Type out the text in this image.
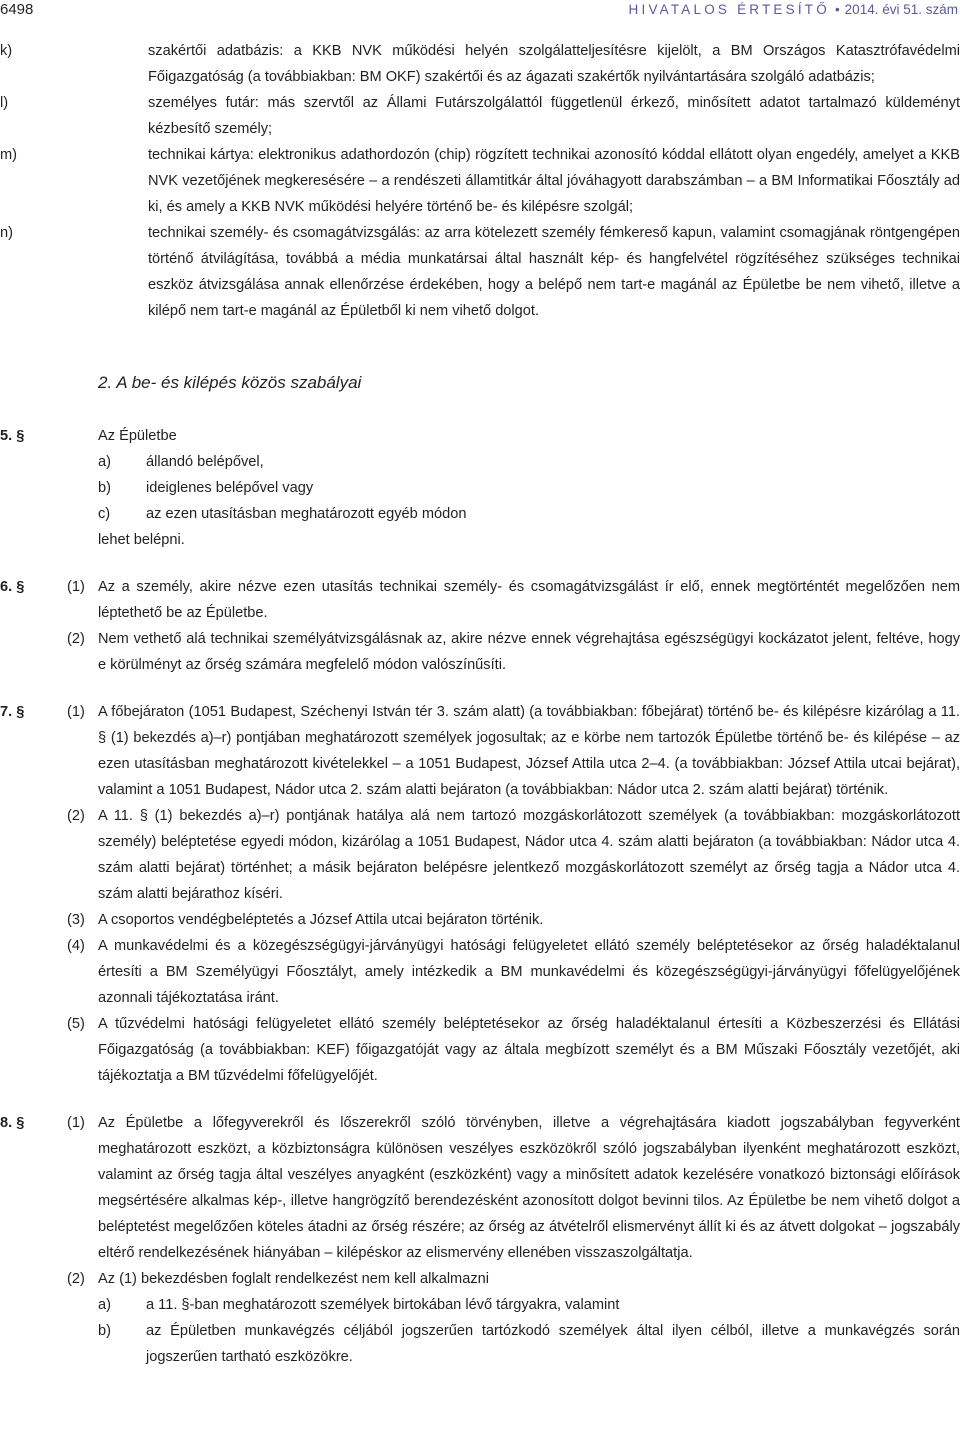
6498	HIVATALOS ÉRTESÍTŐ • 2014. évi 51. szám
k)	szakértői adatbázis: a KKB NVK működési helyén szolgálatteljesítésre kijelölt, a BM Országos Katasztrófavédelmi Főigazgatóság (a továbbiakban: BM OKF) szakértői és az ágazati szakértők nyilvántartására szolgáló adatbázis;
l)	személyes futár: más szervtől az Állami Futárszolgálattól függetlenül érkező, minősített adatot tartalmazó küldeményt kézbesítő személy;
m)	technikai kártya: elektronikus adathordozón (chip) rögzített technikai azonosító kóddal ellátott olyan engedély, amelyet a KKB NVK vezetőjének megkeresésére – a rendészeti államtitkár által jóváhagyott darabszámban – a BM Informatikai Főosztály ad ki, és amely a KKB NVK működési helyére történő be- és kilépésre szolgál;
n)	technikai személy- és csomagátvizsgálás: az arra kötelezett személy fémkereső kapun, valamint csomagjának röntgengépen történő átvilágítása, továbbá a média munkatársai által használt kép- és hangfelvétel rögzítéséhez szükséges technikai eszköz átvizsgálása annak ellenőrzése érdekében, hogy a belépő nem tart-e magánál az Épületbe be nem vihető, illetve a kilépő nem tart-e magánál az Épületből ki nem vihető dolgot.
2. A be- és kilépés közös szabályai
5. §	Az Épületbe
a) állandó belépővel,
b) ideiglenes belépővel vagy
c) az ezen utasításban meghatározott egyéb módon
lehet belépni.
6. §	(1) Az a személy, akire nézve ezen utasítás technikai személy- és csomagátvizsgálást ír elő, ennek megtörténtét megelőzően nem léptethető be az Épületbe.
(2) Nem vethető alá technikai személyátvizsgálásnak az, akire nézve ennek végrehajtása egészségügyi kockázatot jelent, feltéve, hogy e körülményt az őrség számára megfelelő módon valószínűsíti.
7. §	(1) A főbejáraton (1051 Budapest, Széchenyi István tér 3. szám alatt) (a továbbiakban: főbejárat) történő be- és kilépésre kizárólag a 11. § (1) bekezdés a)–r) pontjában meghatározott személyek jogosultak; az e körbe nem tartozók Épületbe történő be- és kilépése – az ezen utasításban meghatározott kivételekkel – a 1051 Budapest, József Attila utca 2–4. (a továbbiakban: József Attila utcai bejárat), valamint a 1051 Budapest, Nádor utca 2. szám alatti bejáraton (a továbbiakban: Nádor utca 2. szám alatti bejárat) történik.
(2) A 11. § (1) bekezdés a)–r) pontjának hatálya alá nem tartozó mozgáskorlátozott személyek (a továbbiakban: mozgáskorlátozott személy) beléptetése egyedi módon, kizárólag a 1051 Budapest, Nádor utca 4. szám alatti bejáraton (a továbbiakban: Nádor utca 4. szám alatti bejárat) történhet; a másik bejáraton belépésre jelentkező mozgáskorlátozott személyt az őrség tagja a Nádor utca 4. szám alatti bejárathoz kíséri.
(3) A csoportos vendégbeléptetés a József Attila utcai bejáraton történik.
(4) A munkavédelmi és a közegészségügyi-járványügyi hatósági felügyeletet ellátó személy beléptetésekor az őrség haladéktalanul értesíti a BM Személyügyi Főosztályt, amely intézkedik a BM munkavédelmi és közegészségügyi-járványügyi főfelügyelőjének azonnali tájékoztatása iránt.
(5) A tűzvédelmi hatósági felügyeletet ellátó személy beléptetésekor az őrség haladéktalanul értesíti a Közbeszerzési és Ellátási Főigazgatóság (a továbbiakban: KEF) főigazgatóját vagy az általa megbízott személyt és a BM Műszaki Főosztály vezetőjét, aki tájékoztatja a BM tűzvédelmi főfelügyelőjét.
8. §	(1) Az Épületbe a lőfegyverekről és lőszerekről szóló törvényben, illetve a végrehajtására kiadott jogszabályban fegyverként meghatározott eszközt, a közbiztonságra különösen veszélyes eszközökről szóló jogszabályban ilyenként meghatározott eszközt, valamint az őrség tagja által veszélyes anyagként (eszközként) vagy a minősített adatok kezelésére vonatkozó biztonsági előírások megsértésére alkalmas kép-, illetve hangrögzítő berendezésként azonosított dolgot bevinni tilos. Az Épületbe be nem vihető dolgot a beléptetést megelőzően köteles átadni az őrség részére; az őrség az átvételről elismervényt állít ki és az átvett dolgokat – jogszabály eltérő rendelkezésének hiányában – kilépéskor az elismervény ellenében visszaszolgáltatja.
(2) Az (1) bekezdésben foglalt rendelkezést nem kell alkalmazni
a) a 11. §-ban meghatározott személyek birtokában lévő tárgyakra, valamint
b) az Épületben munkavégzés céljából jogszerűen tartózkodó személyek által ilyen célból, illetve a munkavégzés során jogszerűen tartható eszközökre.
